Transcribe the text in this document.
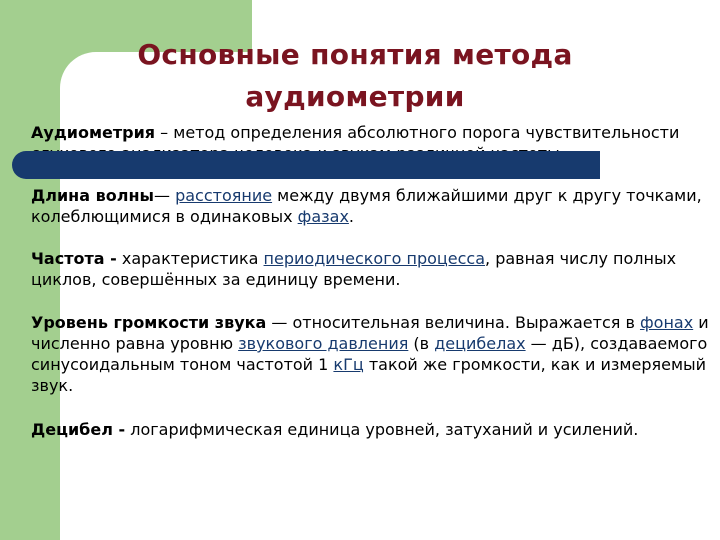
Основные понятия метода
аудиометрии

Аудиометрия – метод определения абсолютного порога чувствительности

Длина волны— расстояние между двумя ближайшими друг к другу точками, колеблющимися в одинаковых фазах.

Частота - характеристика периодического процесса, равная числу полных циклов, совершённых за единицу времени.

Уровень громкости звука — относительная величина. Выражается в фонах и численно равна уровню звукового давления (в децибелах — дБ), создаваемого синусоидальным тоном частотой 1 кГц такой же громкости, как и измеряемый звук.

Децибел - логарифмическая единица уровней, затуханий и усилений.
